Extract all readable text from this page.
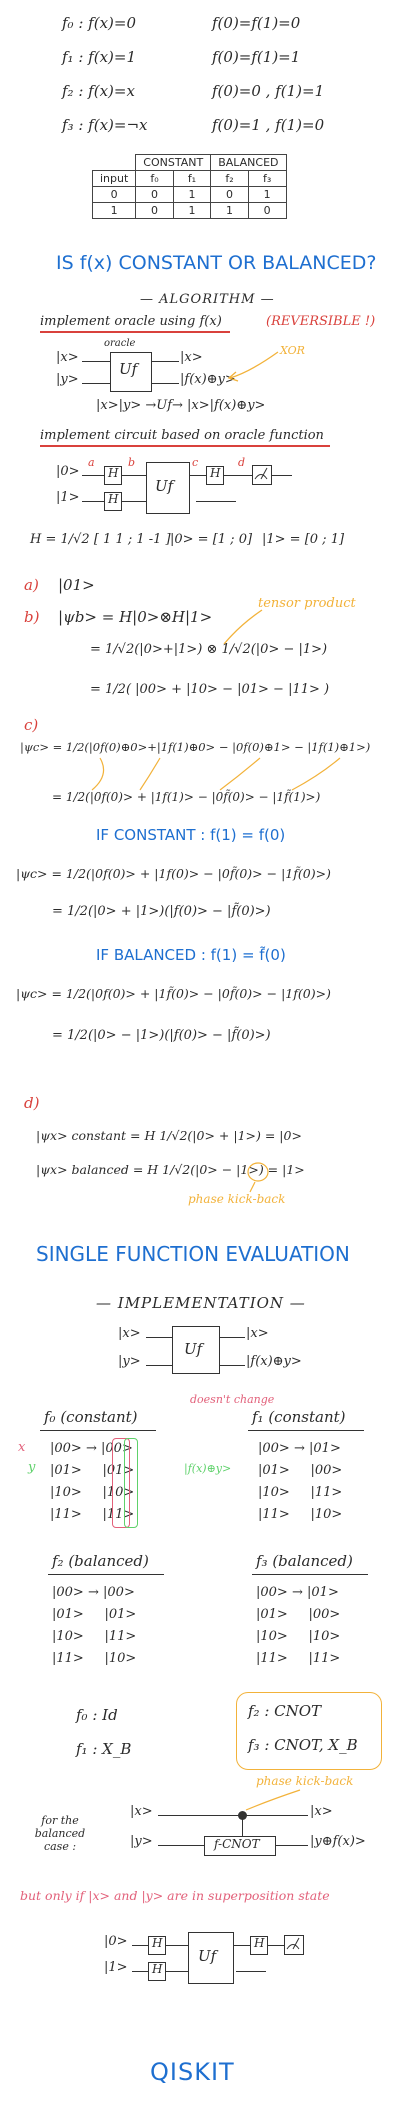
f₀ : f(x)=0	f(0)=f(1)=0
f₁ : f(x)=1	f(0)=f(1)=1
f₂ : f(x)=x	f(0)=0 , f(1)=1
f₃ : f(x)=¬x	f(0)=1 , f(1)=0
	CONSTANT		BALANCED	
input	f₀	f₁	f₂	f₃
0	0	1	0	1
1	0	1	1	0
IS f(x) CONSTANT OR BALANCED?
— ALGORITHM —
implement oracle using f(x)	(REVERSIBLE !)
oracle
|x>
|y>
Uf
|x>
|f(x)⊕y>
XOR
|x>|y> →Uf→ |x>|f(x)⊕y>
implement circuit based on oracle function
|0>
|1>
H
H
Uf
H
a	b	c	d
H = 1/√2 [ 1 1 ; 1 -1 ] |0> = [1 ; 0] |1> = [0 ; 1]
a) |01>
b) |ψb> = H|0>⊗H|1>
tensor product
= 1/√2(|0>+|1>) ⊗ 1/√2(|0> − |1>)
= 1/2( |00> + |10> − |01> − |11> )
c)
|ψc> = 1/2(|0f(0)⊕0>+|1f(1)⊕0> − |0f(0)⊕1> − |1f(1)⊕1>)
= 1/2(|0f(0)> + |1f(1)> − |0f̃(0)> − |1f̃(1)>)
IF CONSTANT : f(1) = f(0)
|ψc> = 1/2(|0f(0)> + |1f(0)> − |0f̃(0)> − |1f̃(0)>)
= 1/2(|0> + |1>)(|f(0)> − |f̃(0)>)
IF BALANCED : f(1) = f̃(0)
|ψc> = 1/2(|0f(0)> + |1f̃(0)> − |0f̃(0)> − |1f(0)>)
= 1/2(|0> − |1>)(|f(0)> − |f̃(0)>)
d)
|ψx> constant = H 1/√2(|0> + |1>) = |0>
|ψx> balanced = H 1/√2(|0> − |1>) = |1>
phase kick-back
SINGLE FUNCTION EVALUATION
— IMPLEMENTATION —
|x>
|y>
Uf
|x>
|f(x)⊕y>
f₀ (constant)
doesn't change
x
y	|f(x)⊕y>
|00> → |00>
|01> |01>
|10> |10>
|11> |11>
f₁ (constant)
|00> → |01>
|01> |00>
|10> |11>
|11> |10>
f₂ (balanced)
|00> → |00>
|01> |01>
|10> |11>
|11> |10>
f₃ (balanced)
|00> → |01>
|01> |00>
|10> |10>
|11> |11>
f₀ : Id
f₁ : X_B
f₂ : CNOT
f₃ : CNOT, X_B
phase kick-back
for the balanced case :
|x>
|y>	f-CNOT
|x>
|y⊕f(x)>
but only if |x> and |y> are in superposition state
|0>
|1>
H
H
Uf
H
QISKIT
